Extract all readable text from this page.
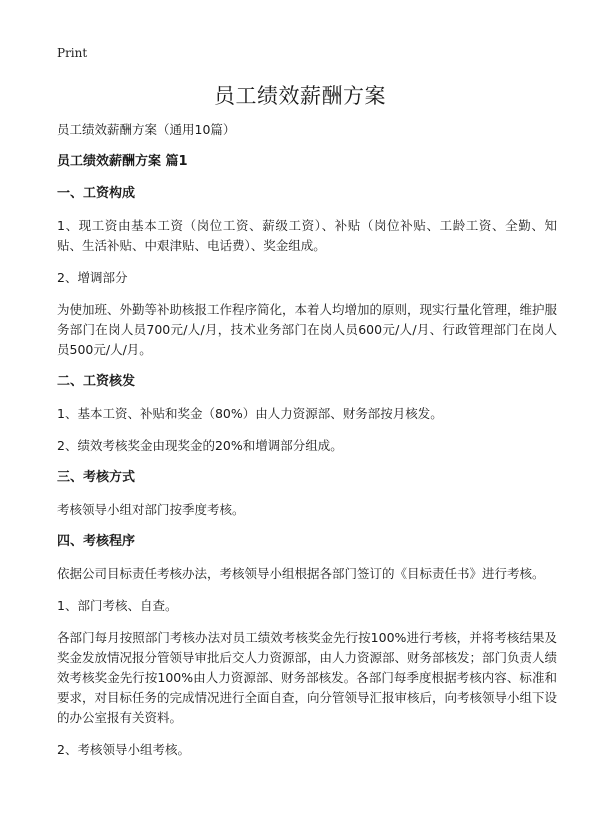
Print
员工绩效薪酬方案

员工绩效薪酬方案（通用10篇）

员工绩效薪酬方案 篇1

一、工资构成

1、现工资由基本工资（岗位工资、薪级工资）、补贴（岗位补贴、工龄工资、全勤、知贴、生活补贴、中艰津贴、电话费）、奖金组成。

2、增调部分

为使加班、外勤等补助核报工作程序简化，本着人均增加的原则，现实行量化管理，维护服务部门在岗人员700元/人/月，技术业务部门在岗人员600元/人/月、行政管理部门在岗人员500元/人/月。

二、工资核发

1、基本工资、补贴和奖金（80%）由人力资源部、财务部按月核发。

2、绩效考核奖金由现奖金的20%和增调部分组成。

三、考核方式

考核领导小组对部门按季度考核。

四、考核程序

依据公司目标责任考核办法，考核领导小组根据各部门签订的《目标责任书》进行考核。

1、部门考核、自查。

各部门每月按照部门考核办法对员工绩效考核奖金先行按100%进行考核，并将考核结果及奖金发放情况报分管领导审批后交人力资源部，由人力资源部、财务部核发；部门负责人绩效考核奖金先行按100%由人力资源部、财务部核发。各部门每季度根据考核内容、标准和要求，对目标任务的完成情况进行全面自查，向分管领导汇报审核后，向考核领导小组下设的办公室报有关资料。

2、考核领导小组考核。
